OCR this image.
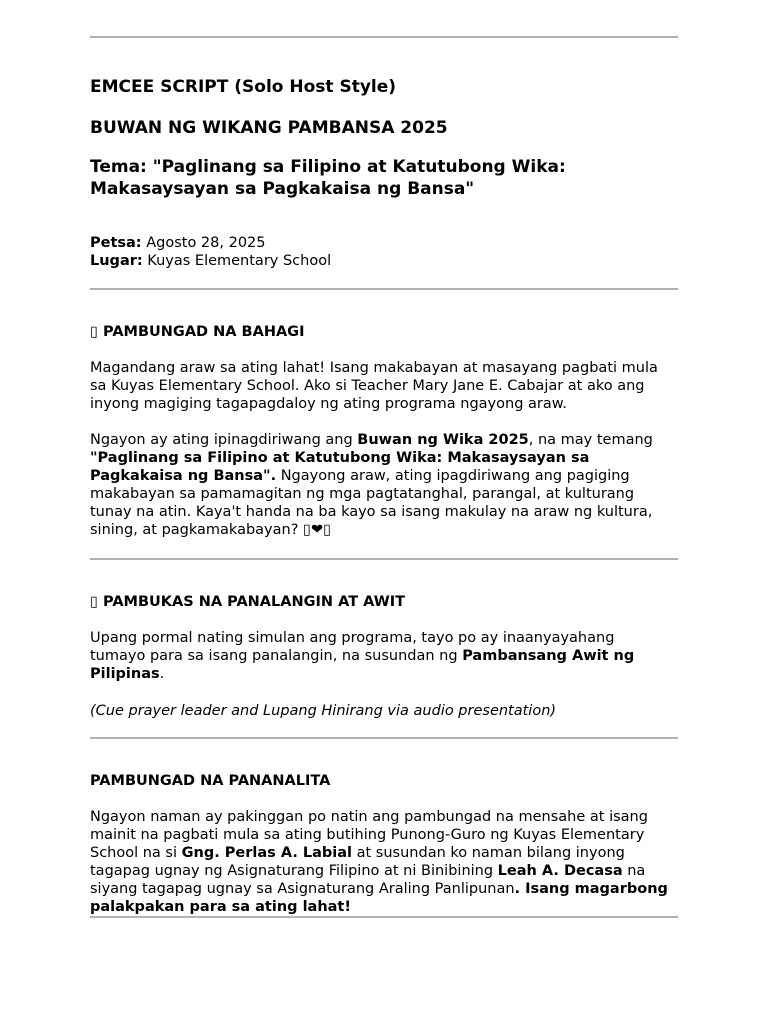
EMCEE SCRIPT (Solo Host Style)

BUWAN NG WIKANG PAMBANSA 2025

Tema: "Paglinang sa Filipino at Katutubong Wika:

Makasaysayan sa Pagkakaisa ng Bansa"

Petsa: Agosto 28, 2025

Lugar: Kuyas Elementary School

▯ PAMBUNGAD NA BAHAGI

Magandang araw sa ating lahat! Isang makabayan at masayang pagbati mula sa Kuyas Elementary School. Ako si Teacher Mary Jane E. Cabajar at ako ang inyong magiging tagapagdaloy ng ating programa ngayong araw.

Ngayon ay ating ipinagdiriwang ang Buwan ng Wika 2025, na may temang "Paglinang sa Filipino at Katutubong Wika: Makasaysayan sa Pagkakaisa ng Bansa". Ngayong araw, ating ipagdiriwang ang pagiging makabayan sa pamamagitan ng mga pagtatanghal, parangal, at kulturang tunay na atin. Kaya't handa na ba kayo sa isang makulay na araw ng kultura, sining, at pagkamakabayan? ▯❤▯

▯ PAMBUKAS NA PANALANGIN AT AWIT

Upang pormal nating simulan ang programa, tayo po ay inaanyayahang tumayo para sa isang panalangin, na susundan ng Pambansang Awit ng Pilipinas.

(Cue prayer leader and Lupang Hinirang via audio presentation)

PAMBUNGAD NA PANANALITA

Ngayon naman ay pakinggan po natin ang pambungad na mensahe at isang mainit na pagbati mula sa ating butihing Punong-Guro ng Kuyas Elementary School na si Gng. Perlas A. Labial at susundan ko naman bilang inyong tagapag ugnay ng Asignaturang Filipino at ni Binibining Leah A. Decasa na siyang tagapag ugnay sa Asignaturang Araling Panlipunan. Isang magarbong palakpakan para sa ating lahat!
